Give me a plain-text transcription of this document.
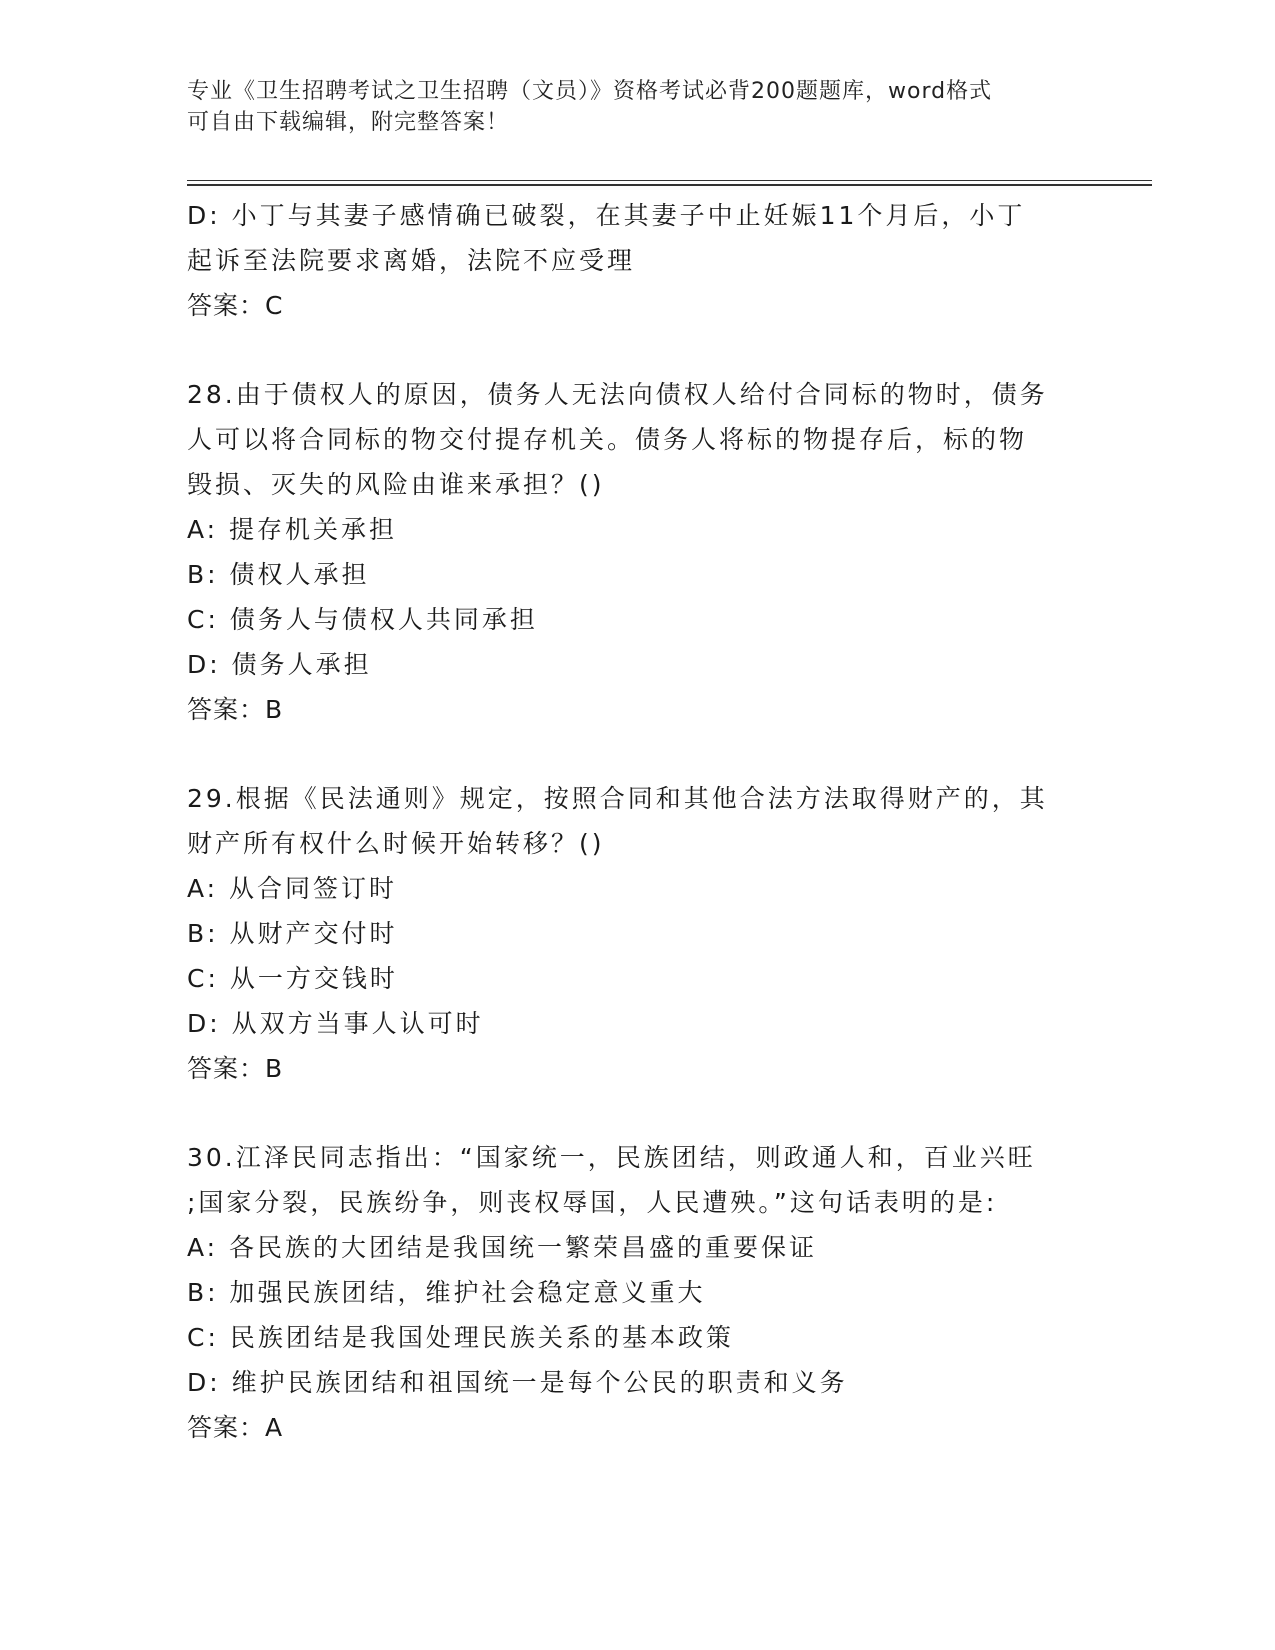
专业《卫生招聘考试之卫生招聘（文员）》资格考试必背200题题库，word格式
可自由下载编辑，附完整答案！
D: 小丁与其妻子感情确已破裂，在其妻子中止妊娠11个月后，小丁
起诉至法院要求离婚，法院不应受理
答案：C
28.由于债权人的原因，债务人无法向债权人给付合同标的物时，债务
人可以将合同标的物交付提存机关。债务人将标的物提存后，标的物
毁损、灭失的风险由谁来承担？()
A: 提存机关承担
B: 债权人承担
C: 债务人与债权人共同承担
D: 债务人承担
答案：B
29.根据《民法通则》规定，按照合同和其他合法方法取得财产的，其
财产所有权什么时候开始转移？()
A: 从合同签订时
B: 从财产交付时
C: 从一方交钱时
D: 从双方当事人认可时
答案：B
30.江泽民同志指出：“国家统一，民族团结，则政通人和，百业兴旺
;国家分裂，民族纷争，则丧权辱国，人民遭殃。”这句话表明的是:
A: 各民族的大团结是我国统一繁荣昌盛的重要保证
B: 加强民族团结，维护社会稳定意义重大
C: 民族团结是我国处理民族关系的基本政策
D: 维护民族团结和祖国统一是每个公民的职责和义务
答案：A
